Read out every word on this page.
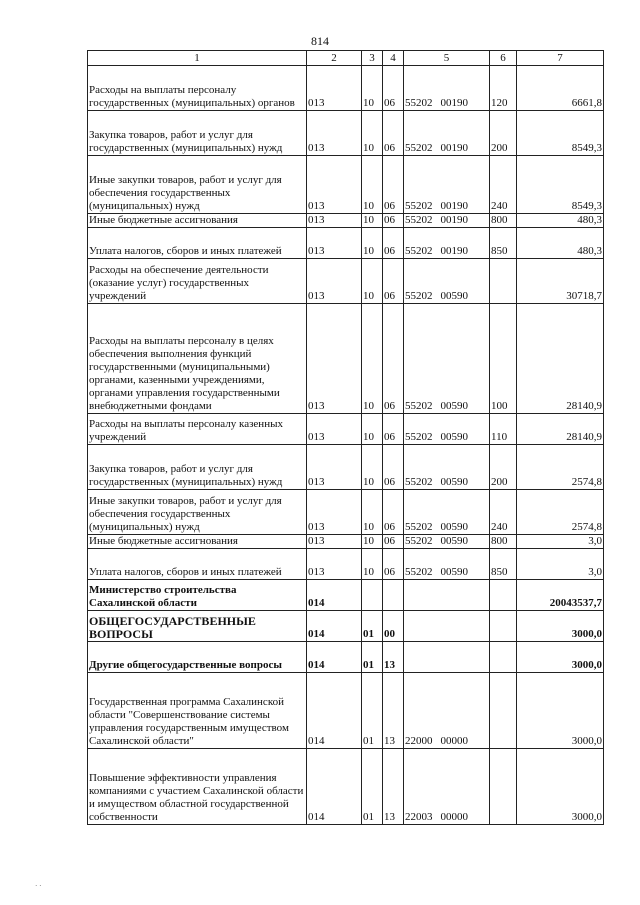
814
1	2	3	4	5	6	7
Расходы на выплаты персоналу государственных (муниципальных) органов	013	10	06	55202 00190	120	6661,8
Закупка товаров, работ и услуг для государственных (муниципальных) нужд	013	10	06	55202 00190	200	8549,3
Иные закупки товаров, работ и услуг для обеспечения государственных (муниципальных) нужд	013	10	06	55202 00190	240	8549,3
Иные бюджетные ассигнования	013	10	06	55202 00190	800	480,3
Уплата налогов, сборов и иных платежей	013	10	06	55202 00190	850	480,3
Расходы на обеспечение деятельности (оказание услуг) государственных учреждений	013	10	06	55202 00590		30718,7
Расходы на выплаты персоналу в целях обеспечения выполнения функций государственными (муниципальными) органами, казенными учреждениями, органами управления государственными внебюджетными фондами	013	10	06	55202 00590	100	28140,9
Расходы на выплаты персоналу казенных учреждений	013	10	06	55202 00590	110	28140,9
Закупка товаров, работ и услуг для государственных (муниципальных) нужд	013	10	06	55202 00590	200	2574,8
Иные закупки товаров, работ и услуг для обеспечения государственных (муниципальных) нужд	013	10	06	55202 00590	240	2574,8
Иные бюджетные ассигнования	013	10	06	55202 00590	800	3,0
Уплата налогов, сборов и иных платежей	013	10	06	55202 00590	850	3,0
Министерство строительства Сахалинской области	014					20043537,7
ОБЩЕГОСУДАРСТВЕННЫЕ ВОПРОСЫ	014	01	00			3000,0
Другие общегосударственные вопросы	014	01	13			3000,0
Государственная программа Сахалинской области "Совершенствование системы управления государственным имуществом Сахалинской области"	014	01	13	22000 00000		3000,0
Повышение эффективности управления компаниями с участием Сахалинской области и имуществом областной государственной собственности	014	01	13	22003 00000		3000,0
· ·
